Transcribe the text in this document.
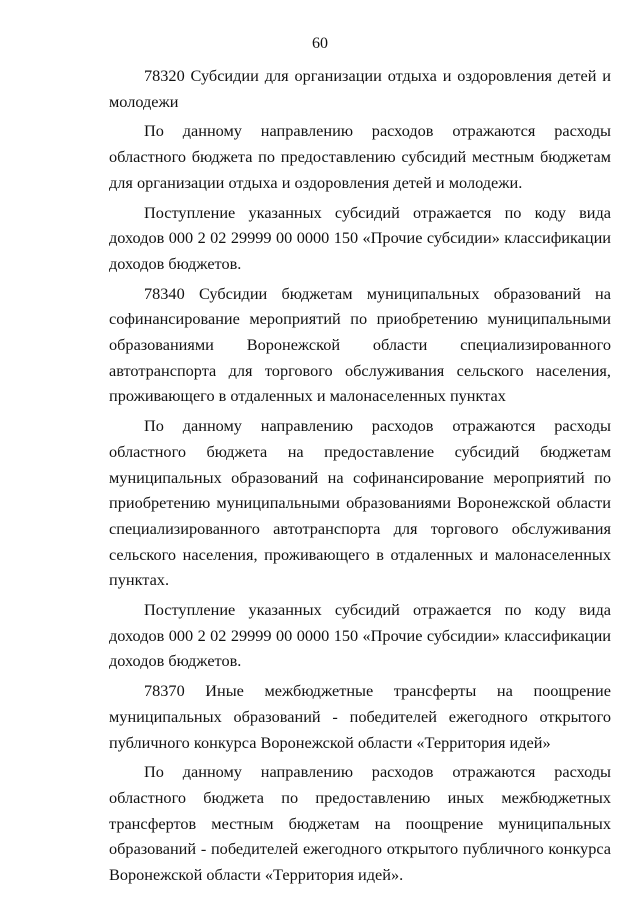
60

78320 Субсидии для организации отдыха и оздоровления детей и молодежи

По данному направлению расходов отражаются расходы областного бюджета по предоставлению субсидий местным бюджетам для организации отдыха и оздоровления детей и молодежи.

Поступление указанных субсидий отражается по коду вида доходов 000 2 02 29999 00 0000 150 «Прочие субсидии» классификации доходов бюджетов.

78340 Субсидии бюджетам муниципальных образований на софинансирование мероприятий по приобретению муниципальными образованиями Воронежской области специализированного автотранспорта для торгового обслуживания сельского населения, проживающего в отдаленных и малонаселенных пунктах

По данному направлению расходов отражаются расходы областного бюджета на предоставление субсидий бюджетам муниципальных образований на софинансирование мероприятий по приобретению муниципальными образованиями Воронежской области специализированного автотранспорта для торгового обслуживания сельского населения, проживающего в отдаленных и малонаселенных пунктах.

Поступление указанных субсидий отражается по коду вида доходов 000 2 02 29999 00 0000 150 «Прочие субсидии» классификации доходов бюджетов.

78370 Иные межбюджетные трансферты на поощрение муниципальных образований - победителей ежегодного открытого публичного конкурса Воронежской области «Территория идей»

По данному направлению расходов отражаются расходы областного бюджета по предоставлению иных межбюджетных трансфертов местным бюджетам на поощрение муниципальных образований - победителей ежегодного открытого публичного конкурса Воронежской области «Территория идей».
